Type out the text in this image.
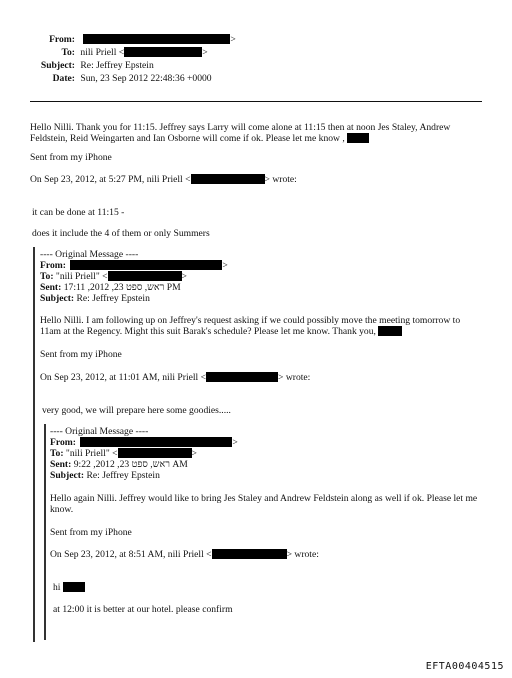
From:	>
To: nili Priell <	>
Subject: Re: Jeffrey Epstein
Date: Sun, 23 Sep 2012 22:48:36 +0000
Hello Nilli. Thank you for 11:15. Jeffrey says Larry will come alone at 11:15 then at noon Jes Staley, Andrew Feldstein, Reid Weingarten and Ian Osborne will come if ok. Please let me know ,
Sent from my iPhone
On Sep 23, 2012, at 5:27 PM, nili Priell <	> wrote:
it can be done at 11:15 -
does it include the 4 of them or only Summers
---- Original Message ----
From:	>
To: "nili Priell" <	>
Sent: 17:11 ,2012 ,23 ראש, ספט PM
Subject: Re: Jeffrey Epstein
Hello Nilli. I am following up on Jeffrey's request asking if we could possibly move the meeting tomorrow to 11am at the Regency. Might this suit Barak's schedule? Please let me know. Thank you,
Sent from my iPhone
On Sep 23, 2012, at 11:01 AM, nili Priell <	> wrote:
very good, we will prepare here some goodies.....
---- Original Message ----
From:	>
To: "nili Priell" <	>
Sent: 9:22 ,2012 ,23 ראש, ספט AM
Subject: Re: Jeffrey Epstein
Hello again Nilli. Jeffrey would like to bring Jes Staley and Andrew Feldstein along as well if ok. Please let me know.
Sent from my iPhone
On Sep 23, 2012, at 8:51 AM, nili Priell <	> wrote:
hi
at 12:00 it is better at our hotel. please confirm
EFTA00404515
